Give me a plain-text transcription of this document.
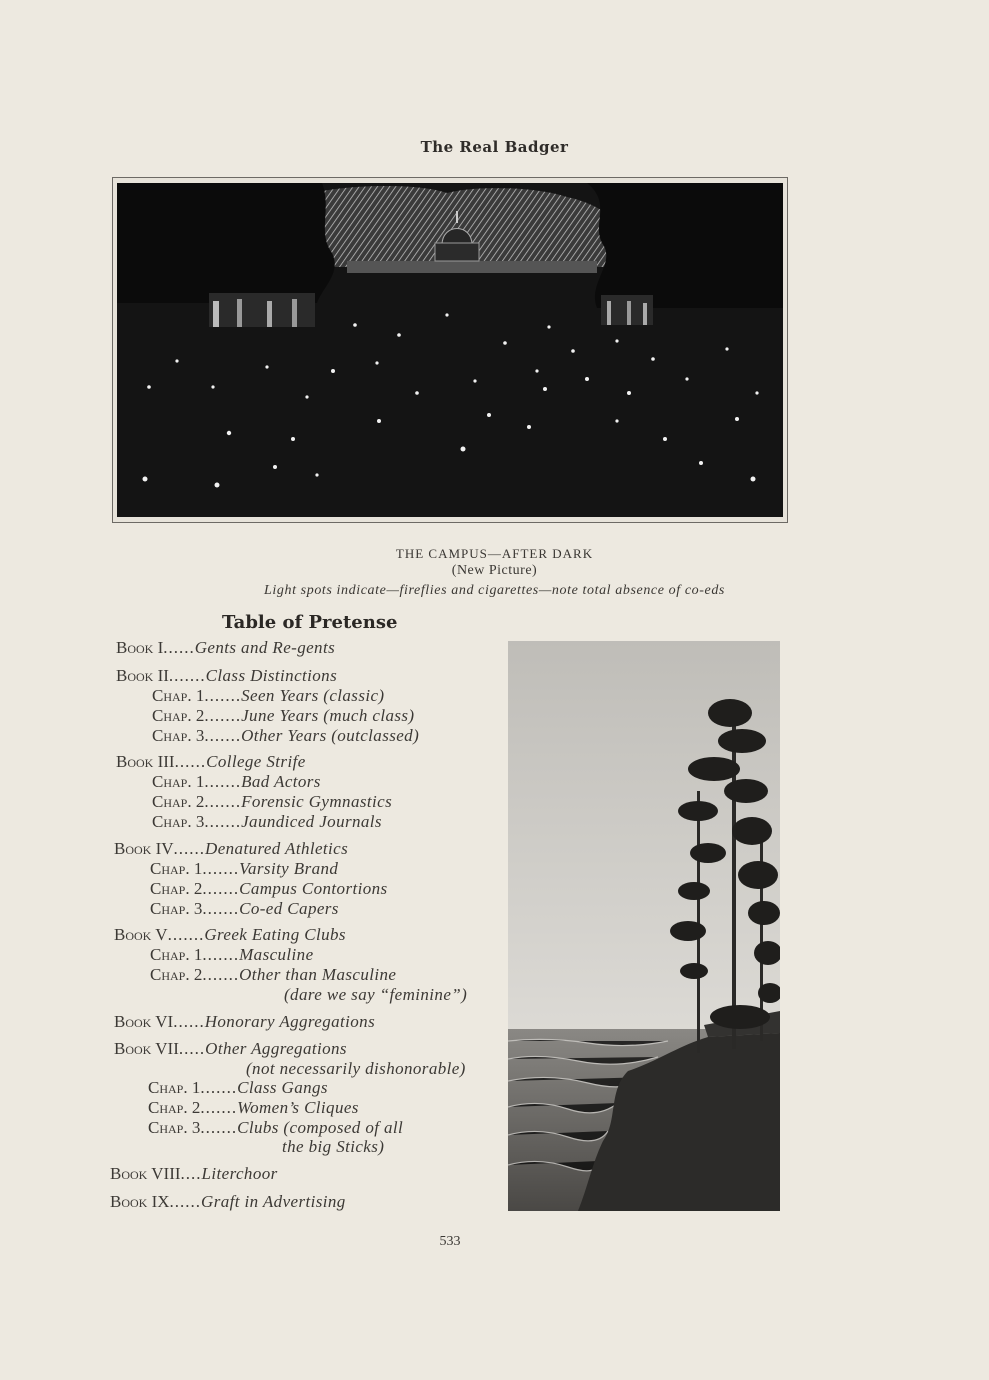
The Real Badger
THE CAMPUS—AFTER DARK
(New Picture)
Light spots indicate—fireflies and cigarettes—note total absence of co-eds
Table of Pretense
Book I......Gents and Re-gents
Book II.......Class Distinctions
Chap. 1.......Seen Years (classic)
Chap. 2.......June Years (much class)
Chap. 3.......Other Years (outclassed)
Book III......College Strife
Chap. 1.......Bad Actors
Chap. 2.......Forensic Gymnastics
Chap. 3.......Jaundiced Journals
Book IV......Denatured Athletics
Chap. 1.......Varsity Brand
Chap. 2.......Campus Contortions
Chap. 3.......Co-ed Capers
Book V.......Greek Eating Clubs
Chap. 1.......Masculine
Chap. 2.......Other than Masculine
(dare we say “feminine”)
Book VI......Honorary Aggregations
Book VII.....Other Aggregations
(not necessarily dishonorable)
Chap. 1.......Class Gangs
Chap. 2.......Women’s Cliques
Chap. 3.......Clubs (composed of all
the big Sticks)
Book VIII....Literchoor
Book IX......Graft in Advertising
533
